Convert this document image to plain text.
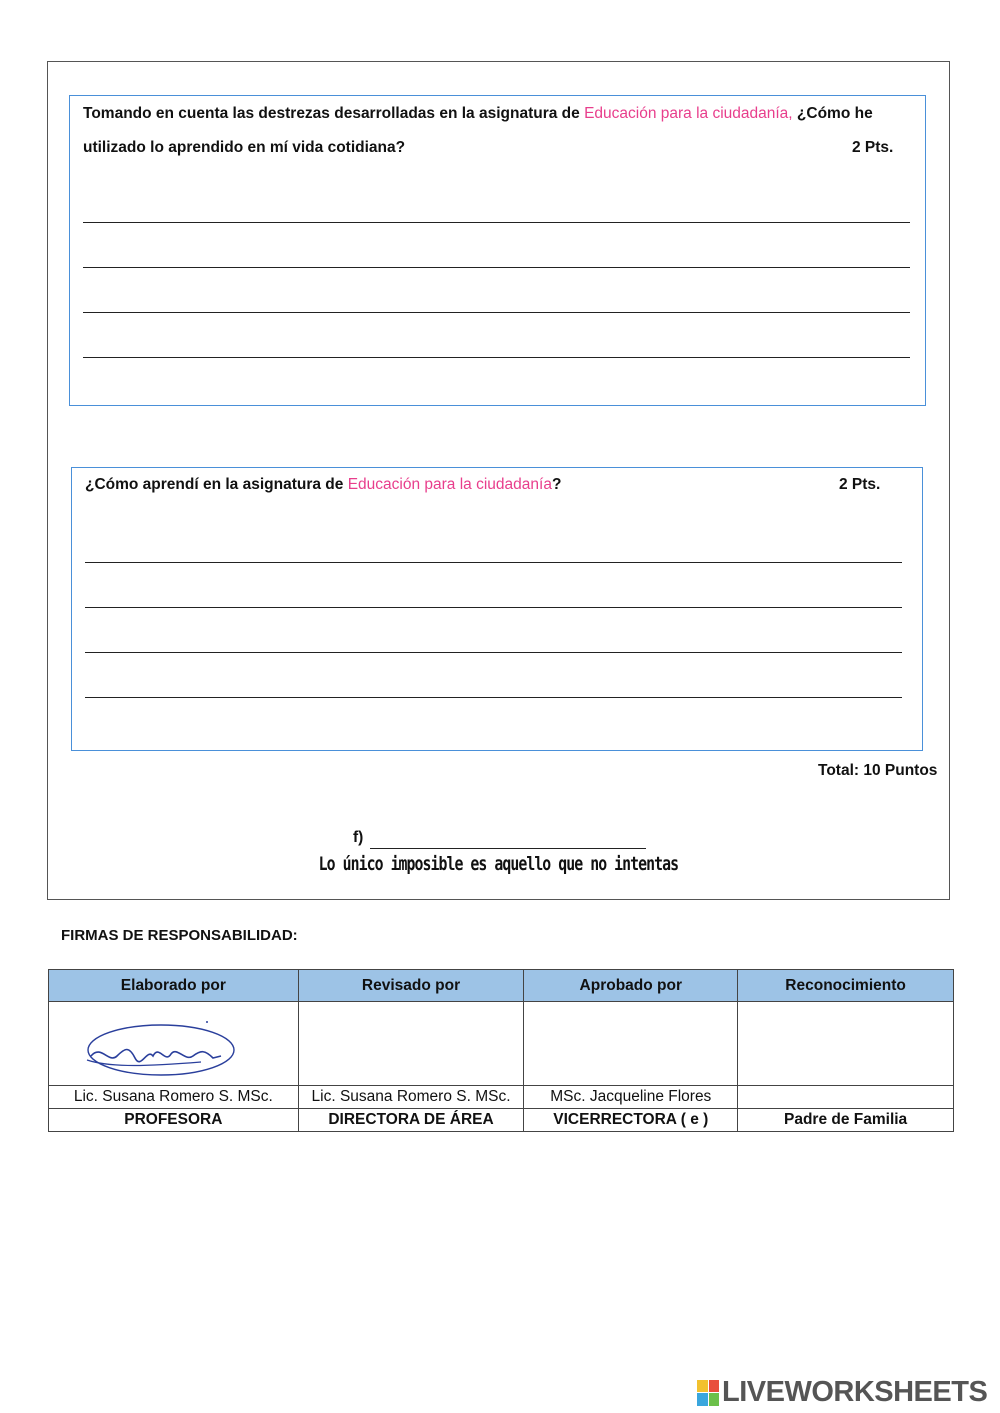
Tomando en cuenta las destrezas desarrolladas en la asignatura de Educación para la ciudadanía, ¿Cómo he
utilizado lo aprendido en mí vida cotidiana?	2 Pts.
¿Cómo aprendí en la asignatura de Educación para la ciudadanía?	2 Pts.
Total: 10 Puntos
f)
Lo único imposible es aquello que no intentas
FIRMAS DE RESPONSABILIDAD:
Elaborado por	Revisado por	Aprobado por	Reconocimiento

Lic. Susana Romero S. MSc.	Lic. Susana Romero S. MSc.	MSc. Jacqueline Flores	
PROFESORA	DIRECTORA DE ÁREA	VICERRECTORA ( e )	Padre de Familia
LIVEWORKSHEETS
